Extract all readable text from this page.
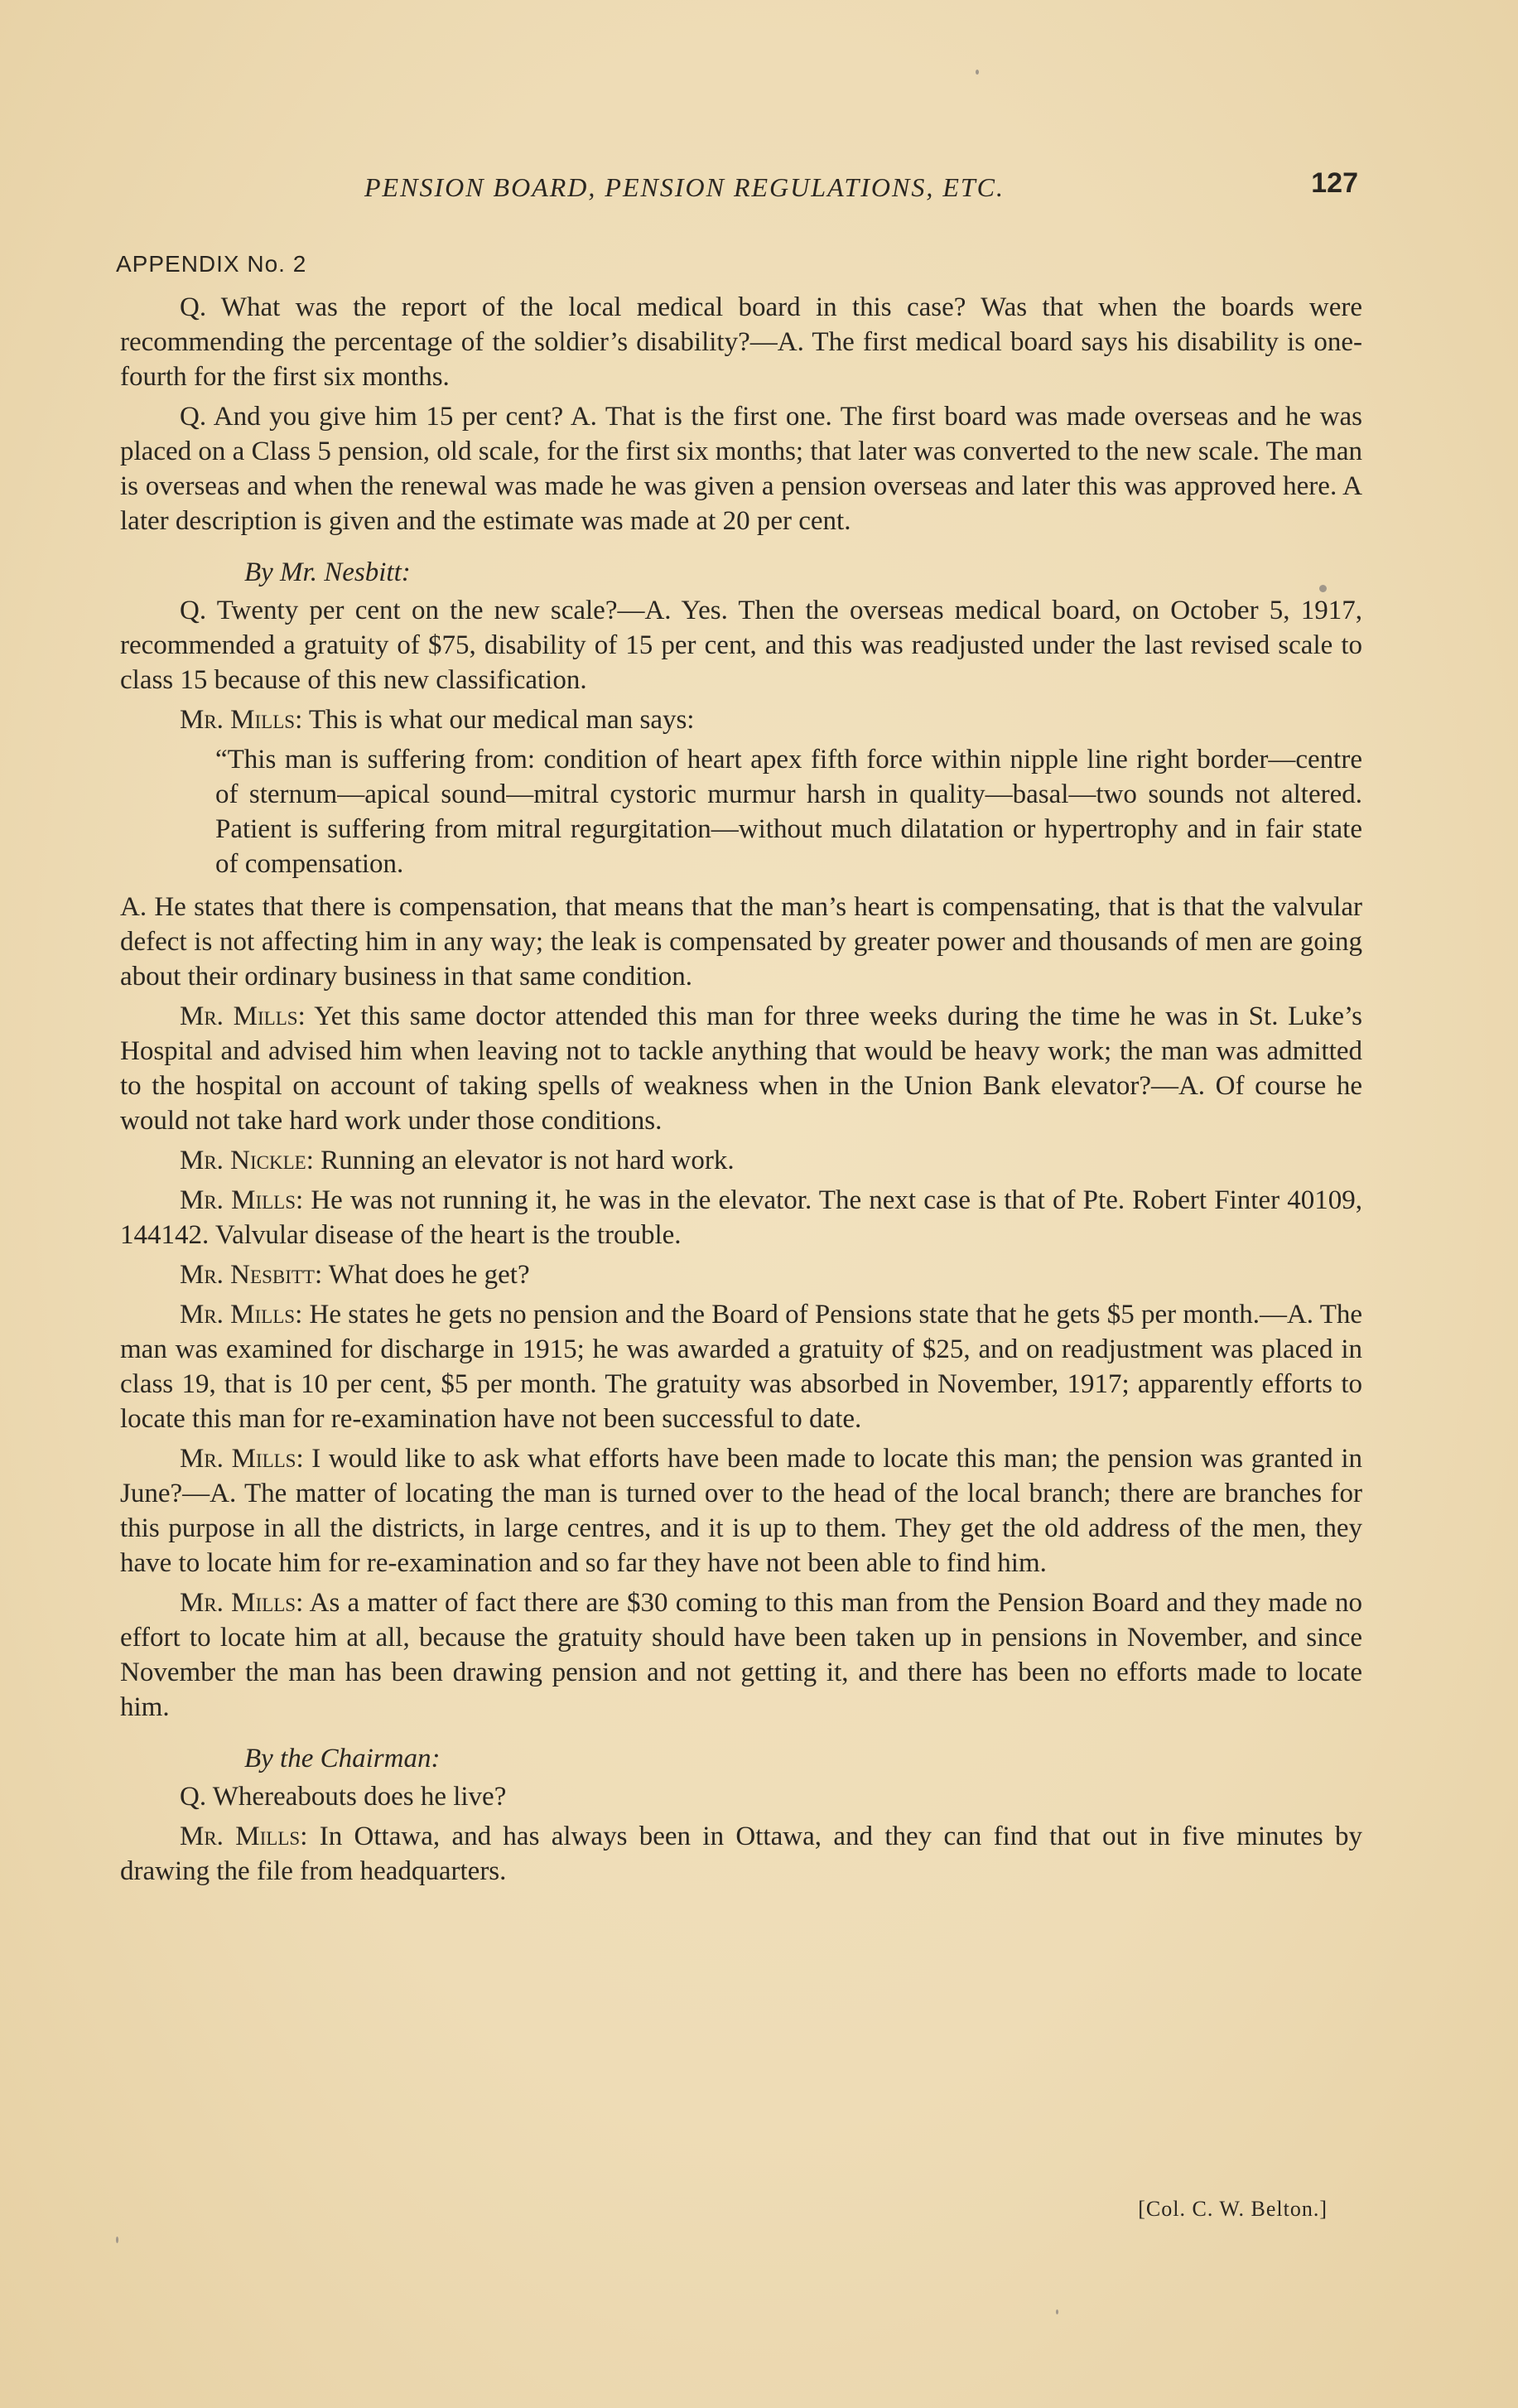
PENSION BOARD, PENSION REGULATIONS, ETC.	127
APPENDIX No. 2

Q. What was the report of the local medical board in this case? Was that when the boards were recommending the percentage of the soldier’s disability?—A. The first medical board says his disability is one-fourth for the first six months.

Q. And you give him 15 per cent? A. That is the first one. The first board was made overseas and he was placed on a Class 5 pension, old scale, for the first six months; that later was converted to the new scale. The man is overseas and when the renewal was made he was given a pension overseas and later this was approved here. A later description is given and the estimate was made at 20 per cent.

By Mr. Nesbitt:

Q. Twenty per cent on the new scale?—A. Yes. Then the overseas medical board, on October 5, 1917, recommended a gratuity of $75, disability of 15 per cent, and this was readjusted under the last revised scale to class 15 because of this new classification.

Mr. Mills: This is what our medical man says:

“This man is suffering from: condition of heart apex fifth force within nipple line right border—centre of sternum—apical sound—mitral cystoric murmur harsh in quality—basal—two sounds not altered. Patient is suffering from mitral regurgitation—without much dilatation or hypertrophy and in fair state of compensation.

A. He states that there is compensation, that means that the man’s heart is compensating, that is that the valvular defect is not affecting him in any way; the leak is compensated by greater power and thousands of men are going about their ordinary business in that same condition.

Mr. Mills: Yet this same doctor attended this man for three weeks during the time he was in St. Luke’s Hospital and advised him when leaving not to tackle anything that would be heavy work; the man was admitted to the hospital on account of taking spells of weakness when in the Union Bank elevator?—A. Of course he would not take hard work under those conditions.

Mr. Nickle: Running an elevator is not hard work.

Mr. Mills: He was not running it, he was in the elevator. The next case is that of Pte. Robert Finter 40109, 144142. Valvular disease of the heart is the trouble.

Mr. Nesbitt: What does he get?

Mr. Mills: He states he gets no pension and the Board of Pensions state that he gets $5 per month.—A. The man was examined for discharge in 1915; he was awarded a gratuity of $25, and on readjustment was placed in class 19, that is 10 per cent, $5 per month. The gratuity was absorbed in November, 1917; apparently efforts to locate this man for re-examination have not been successful to date.

Mr. Mills: I would like to ask what efforts have been made to locate this man; the pension was granted in June?—A. The matter of locating the man is turned over to the head of the local branch; there are branches for this purpose in all the districts, in large centres, and it is up to them. They get the old address of the men, they have to locate him for re-examination and so far they have not been able to find him.

Mr. Mills: As a matter of fact there are $30 coming to this man from the Pension Board and they made no effort to locate him at all, because the gratuity should have been taken up in pensions in November, and since November the man has been drawing pension and not getting it, and there has been no efforts made to locate him.

By the Chairman:

Q. Whereabouts does he live?

Mr. Mills: In Ottawa, and has always been in Ottawa, and they can find that out in five minutes by drawing the file from headquarters.

[Col. C. W. Belton.]
